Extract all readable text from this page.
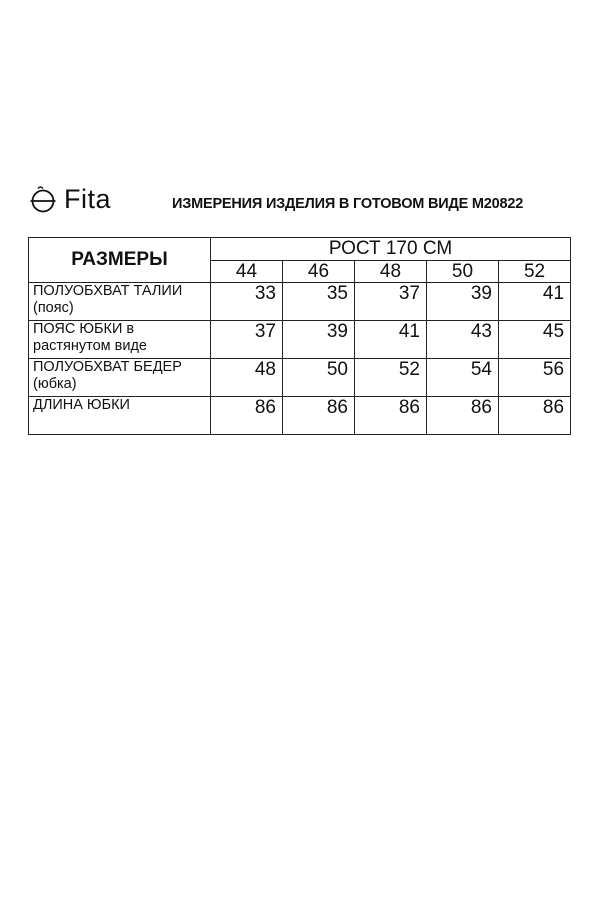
Fita	ИЗМЕРЕНИЯ ИЗДЕЛИЯ В ГОТОВОМ ВИДЕ М20822
РАЗМЕРЫ	РОСТ 170 СМ				
	44	46	48	50	52

ПОЛУОБХВАТ ТАЛИИ
(пояс)	33	35	37	39	41

ПОЯС ЮБКИ в
растянутом виде	37	39	41	43	45

ПОЛУОБХВАТ БЕДЕР
(юбка)	48	50	52	54	56

ДЛИНА ЮБКИ	86	86	86	86	86
